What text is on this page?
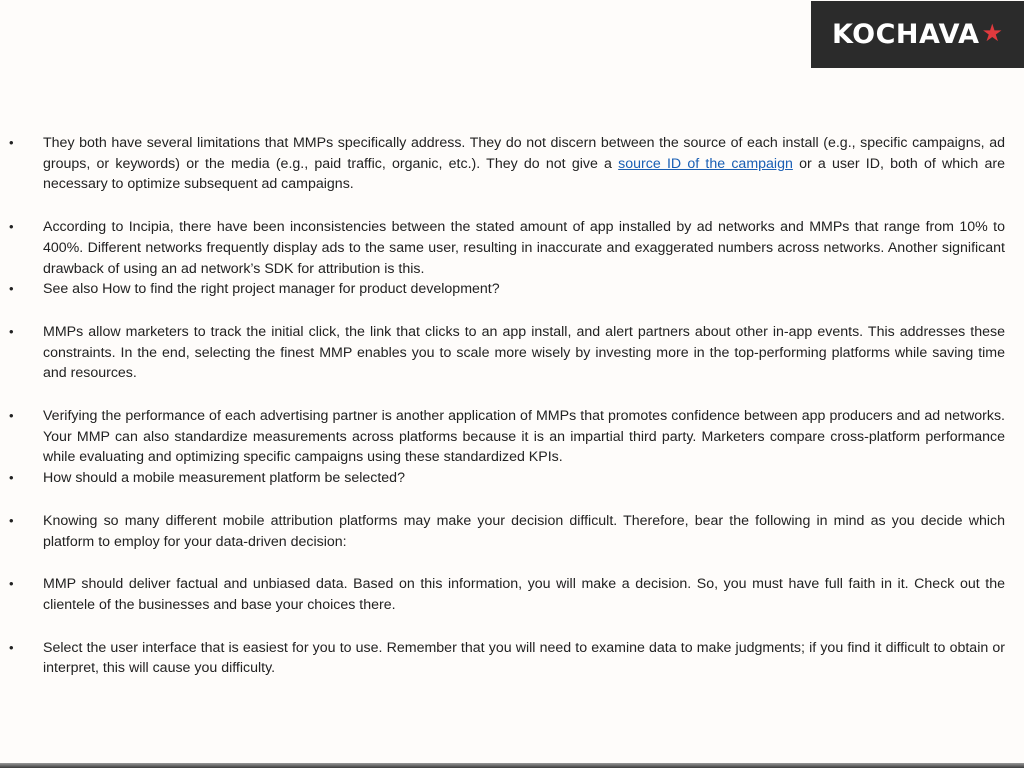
KOCHAVA ★
•	They both have several limitations that MMPs specifically address. They do not discern between the source of each install (e.g., specific campaigns, ad groups, or keywords) or the media (e.g., paid traffic, organic, etc.). They do not give a source ID of the campaign or a user ID, both of which are necessary to optimize subsequent ad campaigns.
•	According to Incipia, there have been inconsistencies between the stated amount of app installed by ad networks and MMPs that range from 10% to 400%. Different networks frequently display ads to the same user, resulting in inaccurate and exaggerated numbers across networks. Another significant drawback of using an ad network’s SDK for attribution is this.
•	See also How to find the right project manager for product development?
•	MMPs allow marketers to track the initial click, the link that clicks to an app install, and alert partners about other in-app events. This addresses these constraints. In the end, selecting the finest MMP enables you to scale more wisely by investing more in the top-performing platforms while saving time and resources.
•	Verifying the performance of each advertising partner is another application of MMPs that promotes confidence between app producers and ad networks. Your MMP can also standardize measurements across platforms because it is an impartial third party. Marketers compare cross-platform performance while evaluating and optimizing specific campaigns using these standardized KPIs.
•	How should a mobile measurement platform be selected?
•	Knowing so many different mobile attribution platforms may make your decision difficult. Therefore, bear the following in mind as you decide which platform to employ for your data-driven decision:
•	MMP should deliver factual and unbiased data. Based on this information, you will make a decision. So, you must have full faith in it. Check out the clientele of the businesses and base your choices there.
•	Select the user interface that is easiest for you to use. Remember that you will need to examine data to make judgments; if you find it difficult to obtain or interpret, this will cause you difficulty.
